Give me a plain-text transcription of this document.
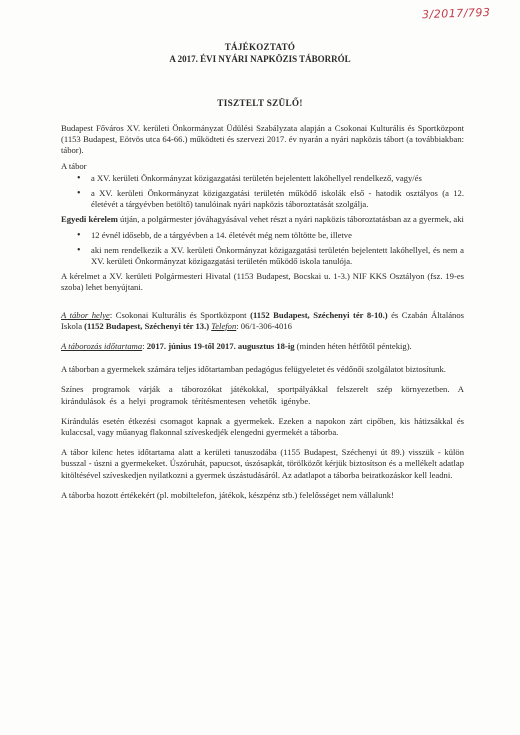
3/2017/793
TÁJÉKOZTATÓ
A 2017. ÉVI NYÁRI NAPKÖZIS TÁBORRÓL
TISZTELT SZÜLŐ!

Budapest Főváros XV. kerületi Önkormányzat Üdülési Szabályzata alapján a Csokonai Kulturális és Sportközpont (1153 Budapest, Eötvös utca 64-66.) működteti és szervezi 2017. év nyarán a nyári napközis tábort (a továbbiakban: tábor).

A tábor

• a XV. kerületi Önkormányzat közigazgatási területén bejelentett lakóhellyel rendelkező, vagy/és
• a XV. kerületi Önkormányzat közigazgatási területén működő iskolák első - hatodik osztályos (a 12. életévét a tárgyévben betöltő) tanulóinak nyári napközis táboroztatását szolgálja.

Egyedi kérelem útján, a polgármester jóváhagyásával vehet részt a nyári napközis táboroztatásban az a gyermek, aki

• 12 évnél idősebb, de a tárgyévben a 14. életévét még nem töltötte be, illetve
• aki nem rendelkezik a XV. kerületi Önkormányzat közigazgatási területén bejelentett lakóhellyel, és nem a XV. kerületi Önkormányzat közigazgatási területén működő iskola tanulója.

A kérelmet a XV. kerületi Polgármesteri Hivatal (1153 Budapest, Bocskai u. 1-3.) NIF KKS Osztályon (fsz. 19-es szoba) lehet benyújtani.

A tábor helye: Csokonai Kulturális és Sportközpont (1152 Budapest, Széchenyi tér 8-10.) és Czabán Általános Iskola (1152 Budapest, Széchenyi tér 13.) Telefon: 06/1-306-4016

A táborozás időtartama: 2017. június 19-től 2017. augusztus 18-ig (minden héten hétfőtől péntekig).

A táborban a gyermekek számára teljes időtartamban pedagógus felügyeletet és védőnői szolgálatot biztosítunk.

Színes programok várják a táborozókat játékokkal, sportpályákkal felszerelt szép környezetben. A kirándulások és a helyi programok térítésmentesen vehetők igénybe.

Kirándulás esetén étkezési csomagot kapnak a gyermekek. Ezeken a napokon zárt cipőben, kis hátizsákkal és kulaccsal, vagy műanyag flakonnal szíveskedjék elengedni gyermekét a táborba.

A tábor kilenc hetes időtartama alatt a kerületi tanuszodába (1155 Budapest, Széchenyi út 89.) visszük - külön busszal - úszni a gyermekeket. Úszóruhát, papucsot, úszósapkát, törölközőt kérjük biztosítson és a mellékelt adatlap kitöltésével szíveskedjen nyilatkozni a gyermek úszástudásáról. Az adatlapot a táborba beiratkozáskor kell leadni.

A táborba hozott értékekért (pl. mobiltelefon, játékok, készpénz stb.) felelősséget nem vállalunk!
